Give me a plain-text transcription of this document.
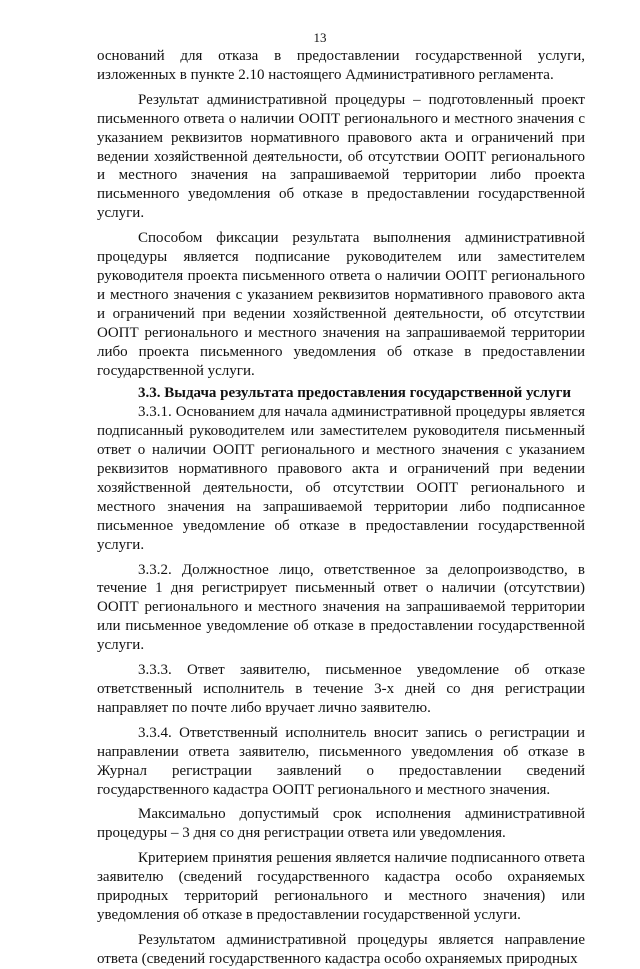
13

оснований для отказа в предоставлении государственной услуги, изложенных в пункте 2.10 настоящего Административного регламента.

Результат административной процедуры – подготовленный проект письменного ответа о наличии ООПТ регионального и местного значения с указанием реквизитов нормативного правового акта и ограничений при ведении хозяйственной деятельности, об отсутствии ООПТ регионального и местного значения на запрашиваемой территории либо проекта письменного уведомления об отказе в предоставлении государственной услуги.

Способом фиксации результата выполнения административной процедуры является подписание руководителем или заместителем руководителя проекта письменного ответа о наличии ООПТ регионального и местного значения с указанием реквизитов нормативного правового акта и ограничений при ведении хозяйственной деятельности, об отсутствии ООПТ регионального и местного значения на запрашиваемой территории либо проекта письменного уведомления об отказе в предоставлении государственной услуги.

3.3. Выдача результата предоставления государственной услуги

3.3.1. Основанием для начала административной процедуры является подписанный руководителем или заместителем руководителя письменный ответ о наличии ООПТ регионального и местного значения с указанием реквизитов нормативного правового акта и ограничений при ведении хозяйственной деятельности, об отсутствии ООПТ регионального и местного значения на запрашиваемой территории либо подписанное письменное уведомление об отказе в предоставлении государственной услуги.

3.3.2. Должностное лицо, ответственное за делопроизводство, в течение 1 дня регистрирует письменный ответ о наличии (отсутствии) ООПТ регионального и местного значения на запрашиваемой территории или письменное уведомление об отказе в предоставлении государственной услуги.

3.3.3. Ответ заявителю, письменное уведомление об отказе ответственный исполнитель в течение 3-х дней со дня регистрации направляет по почте либо вручает лично заявителю.

3.3.4. Ответственный исполнитель вносит запись о регистрации и направлении ответа заявителю, письменного уведомления об отказе в Журнал регистрации заявлений о предоставлении сведений государственного кадастра ООПТ регионального и местного значения.

Максимально допустимый срок исполнения административной процедуры – 3 дня со дня регистрации ответа или уведомления.

Критерием принятия решения является наличие подписанного ответа заявителю (сведений государственного кадастра особо охраняемых природных территорий регионального и местного значения) или уведомления об отказе в предоставлении государственной услуги.

Результатом административной процедуры является направление ответа (сведений государственного кадастра особо охраняемых природных
